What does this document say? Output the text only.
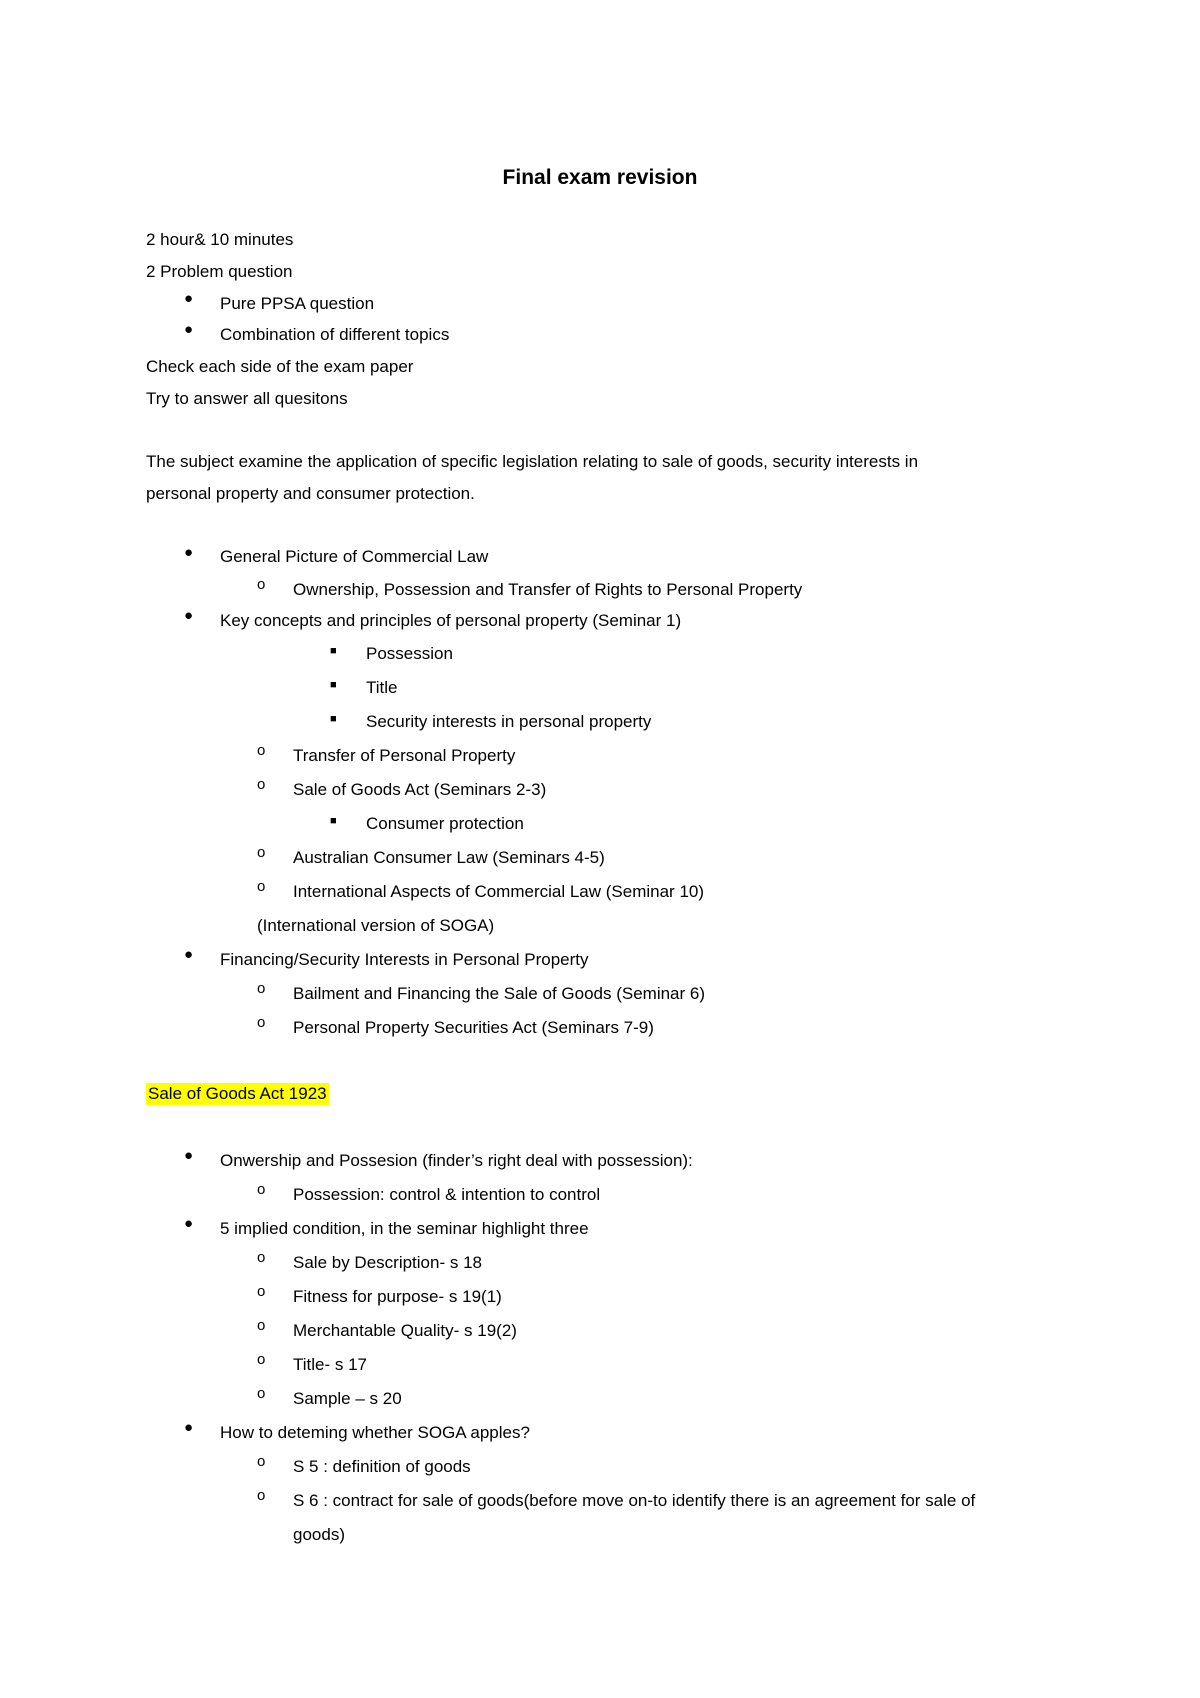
Final exam revision
2 hour& 10 minutes
2 Problem question
● Pure PPSA question
● Combination of different topics
Check each side of the exam paper
Try to answer all quesitons
The subject examine the application of specific legislation relating to sale of goods, security interests in
personal property and consumer protection.
● General Picture of Commercial Law
o Ownership, Possession and Transfer of Rights to Personal Property
● Key concepts and principles of personal property (Seminar 1)
■ Possession
■ Title
■ Security interests in personal property
o Transfer of Personal Property
o Sale of Goods Act (Seminars 2-3)
■ Consumer protection
o Australian Consumer Law (Seminars 4-5)
o International Aspects of Commercial Law (Seminar 10)
(International version of SOGA)
● Financing/Security Interests in Personal Property
o Bailment and Financing the Sale of Goods (Seminar 6)
o Personal Property Securities Act (Seminars 7-9)
Sale of Goods Act 1923
● Onwership and Possesion (finder’s right deal with possession):
o Possession: control & intention to control
● 5 implied condition, in the seminar highlight three
o Sale by Description- s 18
o Fitness for purpose- s 19(1)
o Merchantable Quality- s 19(2)
o Title- s 17
o Sample – s 20
● How to deteming whether SOGA apples?
o S 5 : definition of goods
o S 6 : contract for sale of goods(before move on-to identify there is an agreement for sale of
goods)
